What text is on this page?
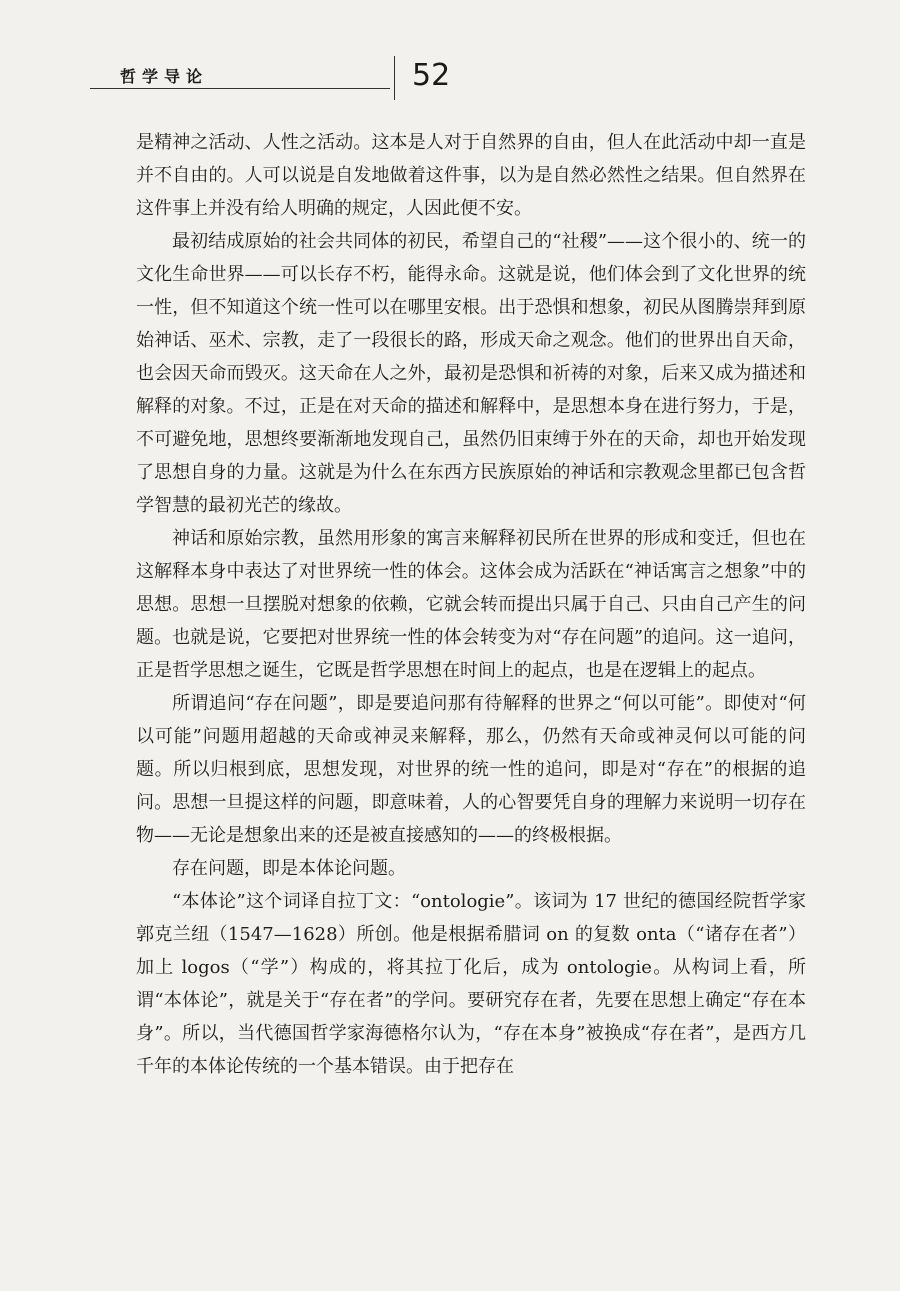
哲学导论	52

是精神之活动、人性之活动。这本是人对于自然界的自由，但人在此活动中却一直是并不自由的。人可以说是自发地做着这件事，以为是自然必然性之结果。但自然界在这件事上并没有给人明确的规定，人因此便不安。

最初结成原始的社会共同体的初民，希望自己的“社稷”——这个很小的、统一的文化生命世界——可以长存不朽，能得永命。这就是说，他们体会到了文化世界的统一性，但不知道这个统一性可以在哪里安根。出于恐惧和想象，初民从图腾崇拜到原始神话、巫术、宗教，走了一段很长的路，形成天命之观念。他们的世界出自天命，也会因天命而毁灭。这天命在人之外，最初是恐惧和祈祷的对象，后来又成为描述和解释的对象。不过，正是在对天命的描述和解释中，是思想本身在进行努力，于是，不可避免地，思想终要渐渐地发现自己，虽然仍旧束缚于外在的天命，却也开始发现了思想自身的力量。这就是为什么在东西方民族原始的神话和宗教观念里都已包含哲学智慧的最初光芒的缘故。

神话和原始宗教，虽然用形象的寓言来解释初民所在世界的形成和变迁，但也在这解释本身中表达了对世界统一性的体会。这体会成为活跃在“神话寓言之想象”中的思想。思想一旦摆脱对想象的依赖，它就会转而提出只属于自己、只由自己产生的问题。也就是说，它要把对世界统一性的体会转变为对“存在问题”的追问。这一追问，正是哲学思想之诞生，它既是哲学思想在时间上的起点，也是在逻辑上的起点。

所谓追问“存在问题”，即是要追问那有待解释的世界之“何以可能”。即使对“何以可能”问题用超越的天命或神灵来解释，那么，仍然有天命或神灵何以可能的问题。所以归根到底，思想发现，对世界的统一性的追问，即是对“存在”的根据的追问。思想一旦提这样的问题，即意味着，人的心智要凭自身的理解力来说明一切存在物——无论是想象出来的还是被直接感知的——的终极根据。

存在问题，即是本体论问题。

“本体论”这个词译自拉丁文：“ontologie”。该词为 17 世纪的德国经院哲学家郭克兰纽（1547—1628）所创。他是根据希腊词 on 的复数 onta（“诸存在者”）加上 logos（“学”）构成的，将其拉丁化后，成为 ontologie。从构词上看，所谓“本体论”，就是关于“存在者”的学问。要研究存在者，先要在思想上确定“存在本身”。所以，当代德国哲学家海德格尔认为，“存在本身”被换成“存在者”，是西方几千年的本体论传统的一个基本错误。由于把存在
